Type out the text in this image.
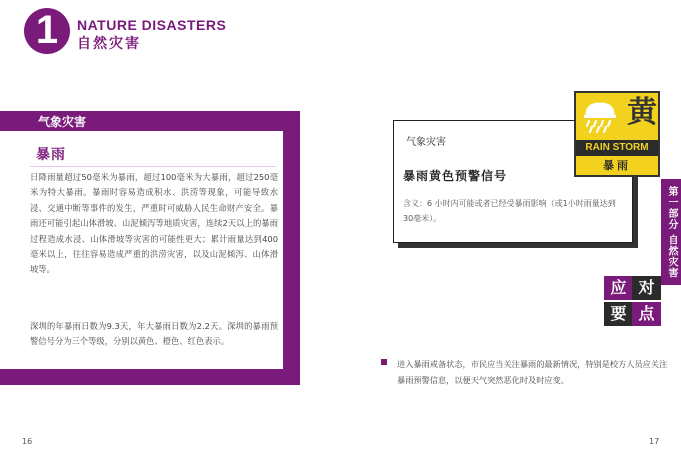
1	NATURE DISASTERS
自然灾害
气象灾害
暴雨
日降雨量超过50毫米为暴雨，超过100毫米为大暴雨，超过250毫米为特大暴雨。暴雨时容易造成积水、洪涝等现象，可能导致水浸、交通中断等事件的发生，严重时可威胁人民生命财产安全。暴雨还可能引起山体滑坡、山泥倾泻等地质灾害，连续2天以上的暴雨过程造成水浸、山体滑坡等灾害的可能性更大；累计雨量达到400毫米以上，往往容易造成严重的洪涝灾害，以及山泥倾泻、山体滑坡等。
深圳的年暴雨日数为9.3天，年大暴雨日数为2.2天。深圳的暴雨预警信号分为三个等级，分别以黄色、橙色、红色表示。
16
气象灾害
暴雨黄色预警信号
含义：6 小时内可能或者已经受暴雨影响（或1小时雨量达到30毫米）。
黄
RAIN STORM
暴雨
第一部分 自然灾害
应 对
要 点
进入暴雨戒备状态，市民应当关注暴雨的最新情况，特别是校方人员应关注暴雨预警信息，以便天气突然恶化时及时应变。
17
